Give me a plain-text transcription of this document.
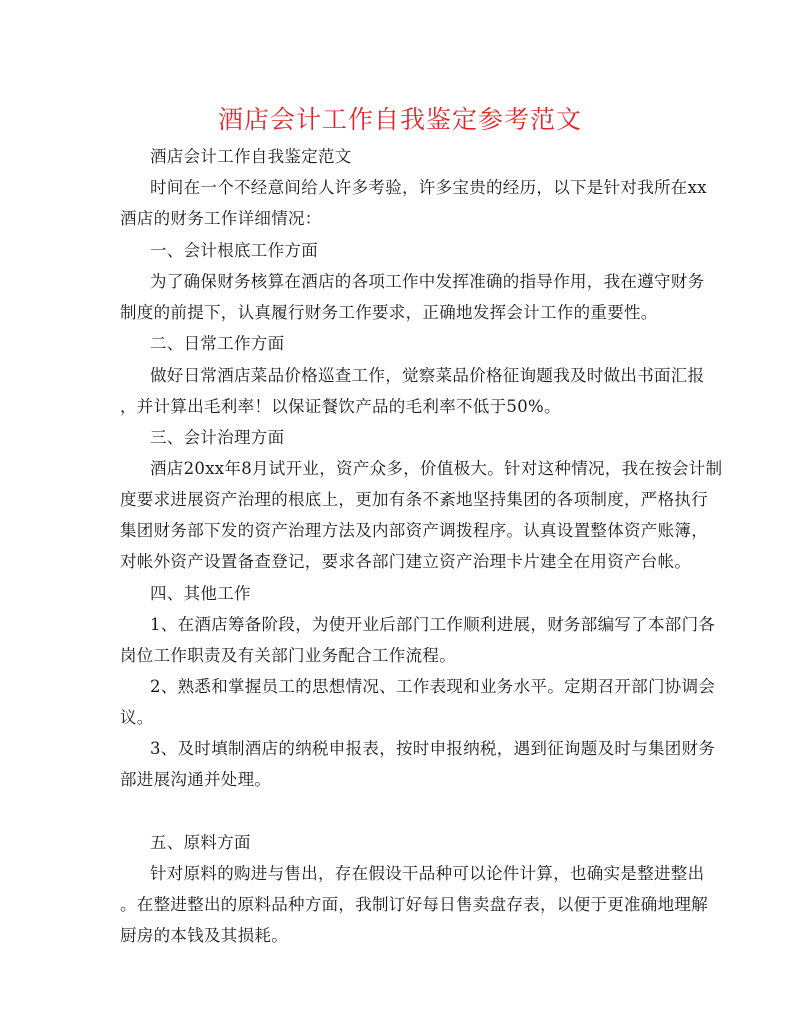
酒店会计工作自我鉴定参考范文
酒店会计工作自我鉴定范文
时间在一个不经意间给人许多考验，许多宝贵的经历，以下是针对我所在xx
酒店的财务工作详细情况：
一、会计根底工作方面
为了确保财务核算在酒店的各项工作中发挥准确的指导作用，我在遵守财务
制度的前提下，认真履行财务工作要求，正确地发挥会计工作的重要性。
二、日常工作方面
做好日常酒店菜品价格巡查工作，觉察菜品价格征询题我及时做出书面汇报
，并计算出毛利率！以保证餐饮产品的毛利率不低于50%。
三、会计治理方面
酒店20xx年8月试开业，资产众多，价值极大。针对这种情况，我在按会计制
度要求进展资产治理的根底上，更加有条不紊地坚持集团的各项制度，严格执行
集团财务部下发的资产治理方法及内部资产调拨程序。认真设置整体资产账簿，
对帐外资产设置备查登记，要求各部门建立资产治理卡片建全在用资产台帐。
四、其他工作
1、在酒店筹备阶段，为使开业后部门工作顺利进展，财务部编写了本部门各
岗位工作职责及有关部门业务配合工作流程。
2、熟悉和掌握员工的思想情况、工作表现和业务水平。定期召开部门协调会
议。
3、及时填制酒店的纳税申报表，按时申报纳税，遇到征询题及时与集团财务
部进展沟通并处理。
五、原料方面
针对原料的购进与售出，存在假设干品种可以论件计算，也确实是整进整出
。在整进整出的原料品种方面，我制订好每日售卖盘存表，以便于更准确地理解
厨房的本钱及其损耗。
